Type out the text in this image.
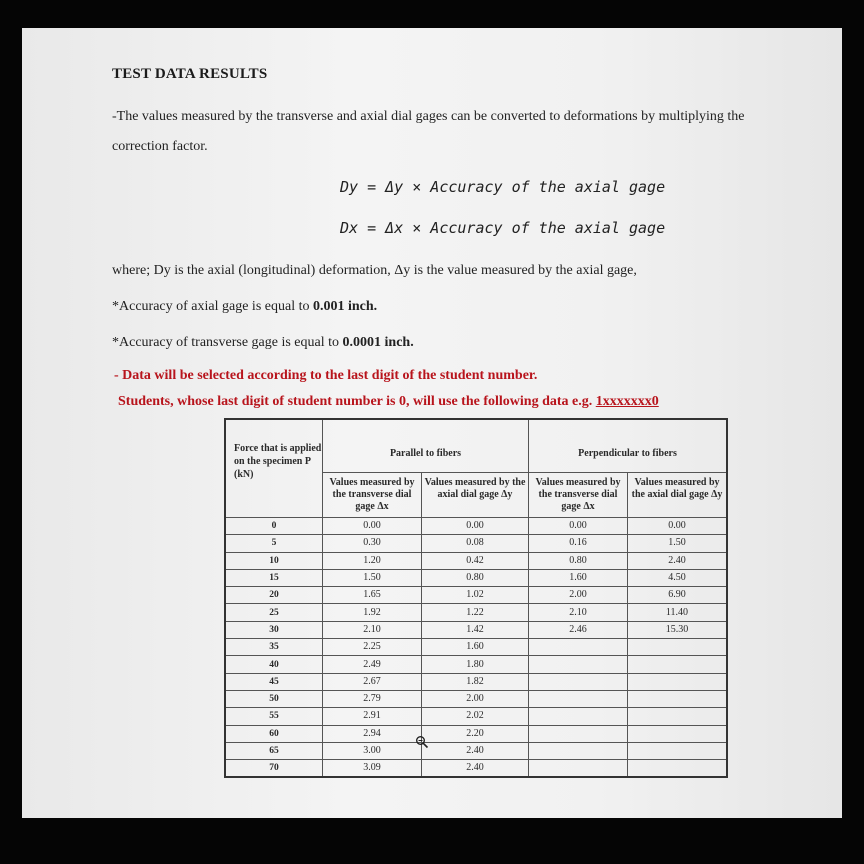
TEST DATA RESULTS
-The values measured by the transverse and axial dial gages can be converted to deformations by multiplying the correction factor.
Dy = Δy × Accuracy of the axial gage
Dx = Δx × Accuracy of the axial gage
where; Dy is the axial (longitudinal) deformation, Δy is the value measured by the axial gage,
*Accuracy of axial gage is equal to 0.001 inch.
*Accuracy of transverse gage is equal to 0.0001 inch.
- Data will be selected according to the last digit of the student number.
Students, whose last digit of student number is 0, will use the following data e.g. 1xxxxxxx0
Force that is applied on the specimen P (kN)	Parallel to fibers		Perpendicular to fibers	

	Values measured by the transverse dial gage Δx	Values measured by the axial dial gage Δy	Values measured by the transverse dial gage Δx	Values measured by the axial dial gage Δy
0	0.00	0.00	0.00	0.00
5	0.30	0.08	0.16	1.50
10	1.20	0.42	0.80	2.40
15	1.50	0.80	1.60	4.50
20	1.65	1.02	2.00	6.90
25	1.92	1.22	2.10	11.40
30	2.10	1.42	2.46	15.30
35	2.25	1.60		
40	2.49	1.80		
45	2.67	1.82		
50	2.79	2.00		
55	2.91	2.02		
60	2.94	2.20		
65	3.00	2.40		
70	3.09	2.40		
